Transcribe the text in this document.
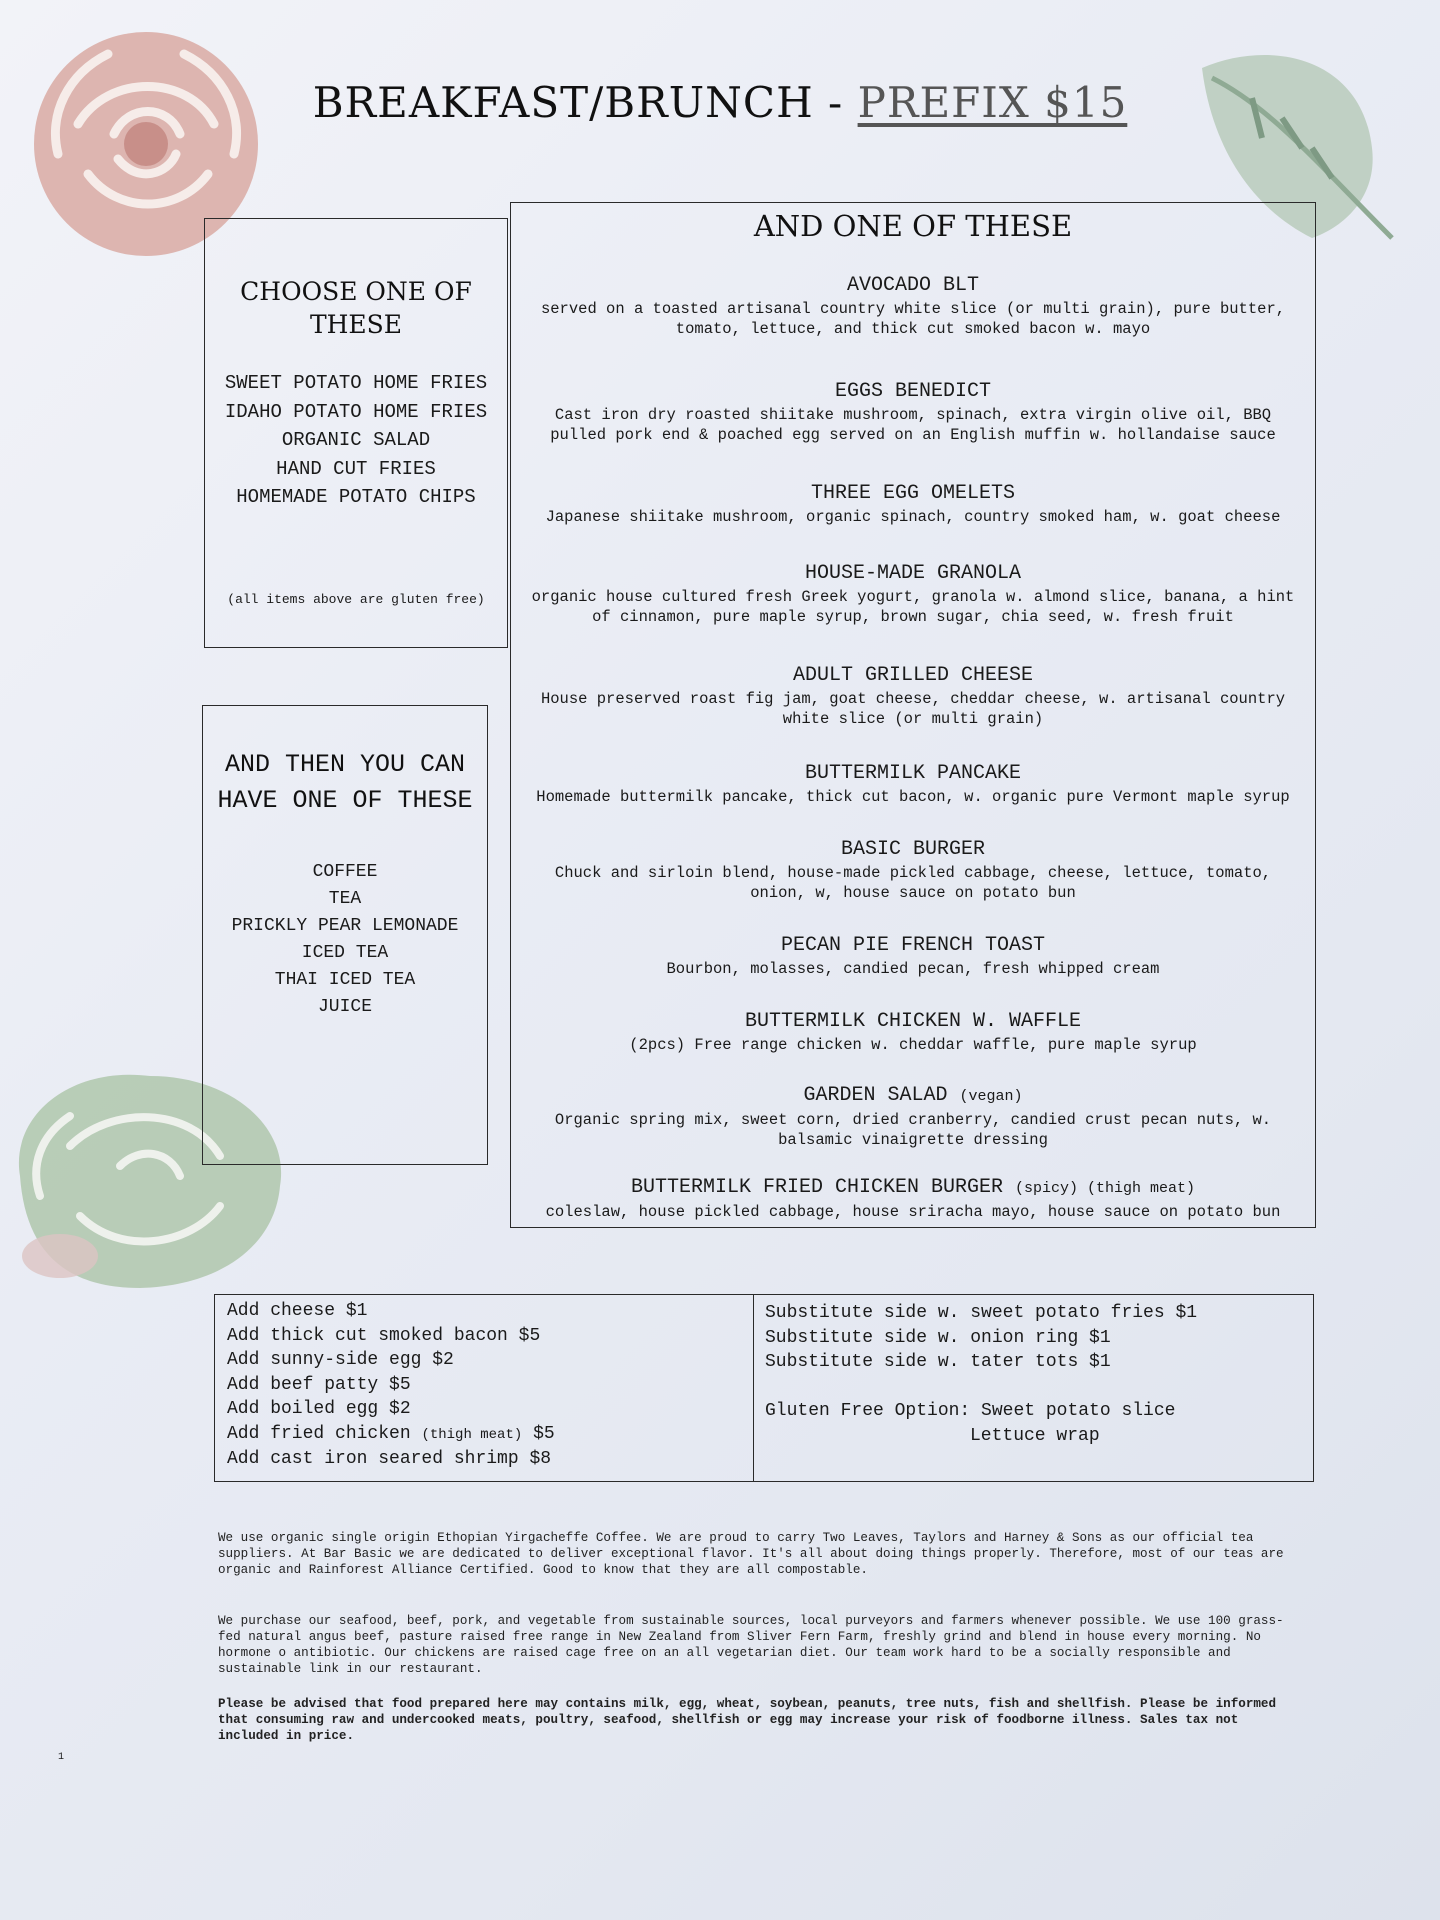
BREAKFAST/BRUNCH - PREFIX $15
CHOOSE ONE OF THESE
SWEET POTATO HOME FRIES
IDAHO POTATO HOME FRIES
ORGANIC SALAD
HAND CUT FRIES
HOMEMADE POTATO CHIPS
(all items above are gluten free)
AND THEN YOU CAN HAVE ONE OF THESE
COFFEE
TEA
PRICKLY PEAR LEMONADE
ICED TEA
THAI ICED TEA
JUICE
AND ONE OF THESE
AVOCADO BLT
served on a toasted artisanal country white slice (or multi grain), pure butter, tomato, lettuce, and thick cut smoked bacon w. mayo
EGGS BENEDICT
Cast iron dry roasted shiitake mushroom, spinach, extra virgin olive oil, BBQ pulled pork end & poached egg served on an English muffin w. hollandaise sauce
THREE EGG OMELETS
Japanese shiitake mushroom, organic spinach, country smoked ham, w. goat cheese
HOUSE-MADE GRANOLA
organic house cultured fresh Greek yogurt, granola w. almond slice, banana, a hint of cinnamon, pure maple syrup, brown sugar, chia seed, w. fresh fruit
ADULT GRILLED CHEESE
House preserved roast fig jam, goat cheese, cheddar cheese, w. artisanal country white slice (or multi grain)
BUTTERMILK PANCAKE
Homemade buttermilk pancake, thick cut bacon, w. organic pure Vermont maple syrup
BASIC BURGER
Chuck and sirloin blend, house-made pickled cabbage, cheese, lettuce, tomato, onion, w, house sauce on potato bun
PECAN PIE FRENCH TOAST
Bourbon, molasses, candied pecan, fresh whipped cream
BUTTERMILK CHICKEN W. WAFFLE
(2pcs) Free range chicken w. cheddar waffle, pure maple syrup
GARDEN SALAD (vegan)
Organic spring mix, sweet corn, dried cranberry, candied crust pecan nuts, w. balsamic vinaigrette dressing
BUTTERMILK FRIED CHICKEN BURGER (spicy) (thigh meat)
coleslaw, house pickled cabbage, house sriracha mayo, house sauce on potato bun
Add cheese $1
Add thick cut smoked bacon $5
Add sunny-side egg $2
Add beef patty $5
Add boiled egg $2
Add fried chicken (thigh meat) $5
Add cast iron seared shrimp $8
Substitute side w. sweet potato fries $1
Substitute side w. onion ring $1
Substitute side w. tater tots $1
Gluten Free Option: Sweet potato slice
Lettuce wrap
We use organic single origin Ethopian Yirgacheffe Coffee. We are proud to carry Two Leaves, Taylors and Harney & Sons as our official tea suppliers. At Bar Basic we are dedicated to deliver exceptional flavor. It's all about doing things properly. Therefore, most of our teas are organic and Rainforest Alliance Certified. Good to know that they are all compostable.
We purchase our seafood, beef, pork, and vegetable from sustainable sources, local purveyors and farmers whenever possible. We use 100 grass-fed natural angus beef, pasture raised free range in New Zealand from Sliver Fern Farm, freshly grind and blend in house every morning. No hormone o antibiotic. Our chickens are raised cage free on an all vegetarian diet. Our team work hard to be a socially responsible and sustainable link in our restaurant.
Please be advised that food prepared here may contains milk, egg, wheat, soybean, peanuts, tree nuts, fish and shellfish. Please be informed that consuming raw and undercooked meats, poultry, seafood, shellfish or egg may increase your risk of foodborne illness. Sales tax not included in price.
1
